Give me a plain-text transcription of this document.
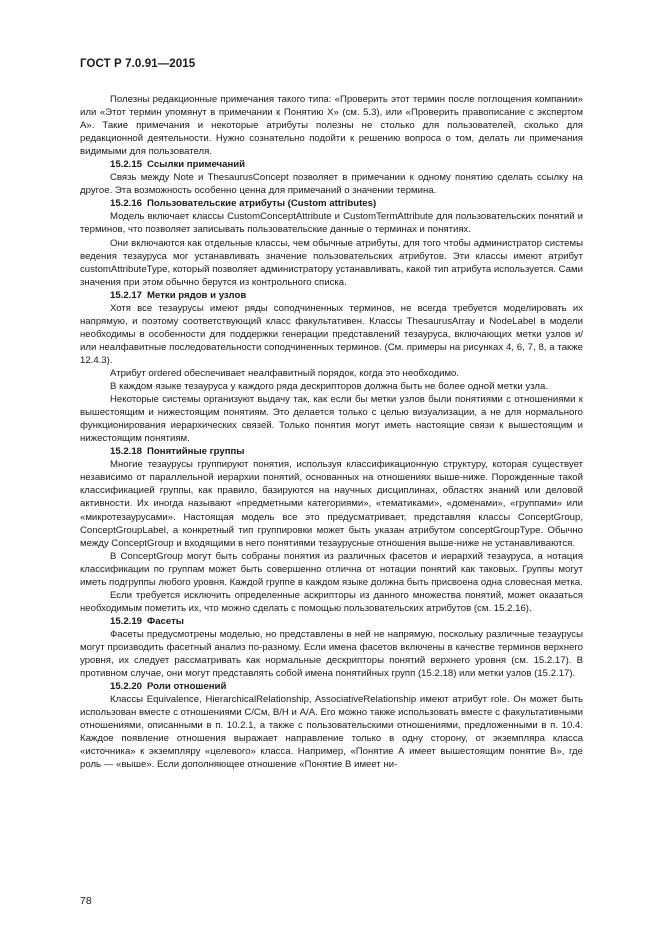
ГОСТ Р 7.0.91—2015

Полезны редакционные примечания такого типа: «Проверить этот термин после поглощения компании» или «Этот термин упомянут в примечании к Понятию X» (см. 5.3), или «Проверить правописание с экспертом А». Такие примечания и некоторые атрибуты полезны не столько для пользователей, сколько для редакционной деятельности. Нужно сознательно подойти к решению вопроса о том, делать ли примечания видимыми для пользователя.

15.2.15 Ссылки примечаний

Связь между Note и ThesaurusConcept позволяет в примечании к одному понятию сделать ссылку на другое. Эта возможность особенно ценна для примечаний о значении термина.

15.2.16 Пользовательские атрибуты (Custom attributes)

Модель включает классы CustomConceptAttribute и CustomTermAttribute для пользовательских понятий и терминов, что позволяет записывать пользовательские данные о терминах и понятиях.

Они включаются как отдельные классы, чем обычные атрибуты, для того чтобы администратор системы ведения тезауруса мог устанавливать значение пользовательских атрибутов. Эти классы имеют атрибут customAttributeType, который позволяет администратору устанавливать, какой тип атрибута используется. Сами значения при этом обычно берутся из контрольного списка.

15.2.17 Метки рядов и узлов

Хотя все тезаурусы имеют ряды соподчиненных терминов, не всегда требуется моделировать их напрямую, и поэтому соответствующий класс факультативен. Классы ThesaurusArray и NodeLabel в модели необходимы в особенности для поддержки генерации представлений тезауруса, включающих метки узлов и/или неалфавитные последовательности соподчиненных терминов. (См. примеры на рисунках 4, 6, 7, 8, а также 12.4.3).

Атрибут ordered обеспечивает неалфавитный порядок, когда это необходимо.

В каждом языке тезауруса у каждого ряда дескрипторов должна быть не более одной метки узла.

Некоторые системы организуют выдачу так, как если бы метки узлов были понятиями с отношениями к вышестоящим и нижестоящим понятиям. Это делается только с целью визуализации, а не для нормального функционирования иерархических связей. Только понятия могут иметь настоящие связи к вышестоящим и нижестоящим понятиям.

15.2.18 Понятийные группы

Многие тезаурусы группируют понятия, используя классификационную структуру, которая существует независимо от параллельной иерархии понятий, основанных на отношениях выше-ниже. Порожденные такой классификацией группы, как правило, базируются на научных дисциплинах, областях знаний или деловой активности. Их иногда называют «предметными категориями», «тематиками», «доменами», «группами» или «микротезаурусами». Настоящая модель все это предусматривает, представляя классы ConceptGroup, ConceptGroupLabel, а конкретный тип группировки может быть указан атрибутом conceptGroupType. Обычно между ConceptGroup и входящими в него понятиями тезаурусные отношения выше-ниже не устанавливаются.

В ConceptGroup могут быть собраны понятия из различных фасетов и иерархий тезауруса, а нотация классификации по группам может быть совершенно отлична от нотации понятий как таковых. Группы могут иметь подгруппы любого уровня. Каждой группе в каждом языке должна быть присвоена одна словесная метка.

Если требуется исключить определенные аскрипторы из данного множества понятий, может оказаться необходимым пометить их, что можно сделать с помощью пользовательских атрибутов (см. 15.2.16).

15.2.19 Фасеты

Фасеты предусмотрены моделью, но представлены в ней не напрямую, поскольку различные тезаурусы могут производить фасетный анализ по-разному. Если имена фасетов включены в качестве терминов верхнего уровня, их следует рассматривать как нормальные дескрипторы понятий верхнего уровня (см. 15.2.17). В противном случае, они могут представлять собой имена понятийных групп (15.2.18) или метки узлов (15.2.17).

15.2.20 Роли отношений

Классы Equivalence, HierarchicalRelationship, AssociativeRelationship имеют атрибут role. Он может быть использован вместе с отношениями С/См, В/Н и А/А. Его можно также использовать вместе с факультативными отношениями, описанными в п. 10.2.1, а также с пользовательскими отношениями, предложенными в п. 10.4. Каждое появление отношения выражает направление только в одну сторону, от экземпляра класса «источника» к экземпляру «целевого» класса. Например, «Понятие А имеет вышестоящим понятие В», где роль — «выше». Если дополняющее отношение «Понятие В имеет ни-

78
